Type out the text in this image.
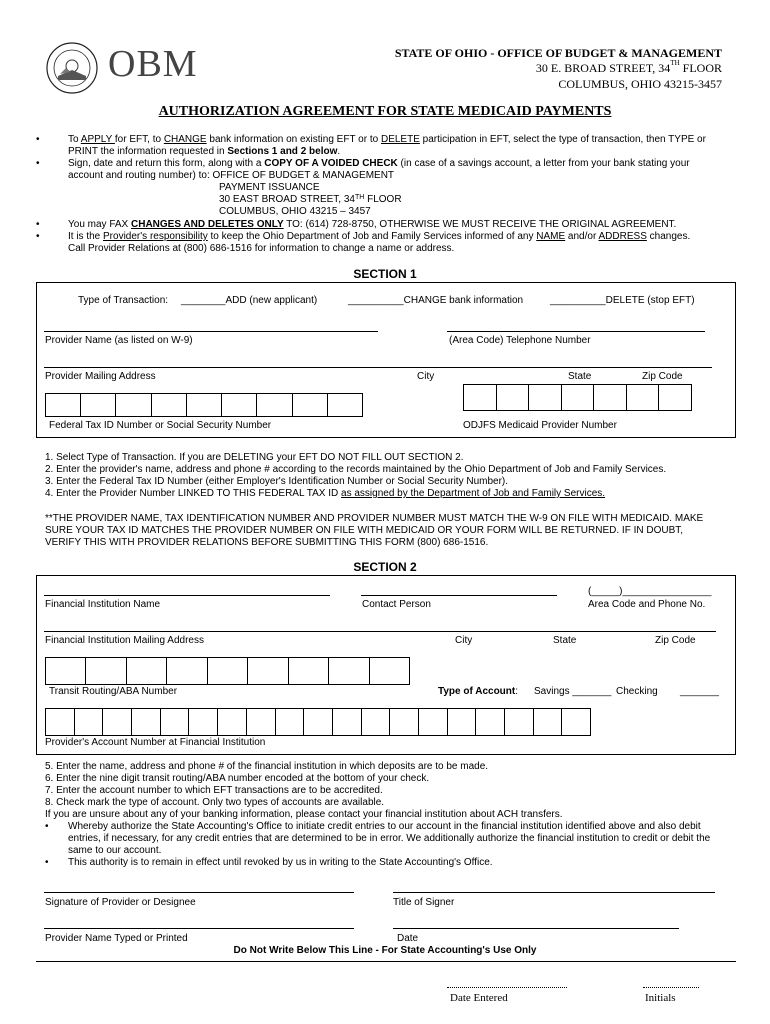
OBM	STATE OF OHIO - OFFICE OF BUDGET & MANAGEMENT
30 E. BROAD STREET, 34TH FLOOR
COLUMBUS, OHIO 43215-3457
AUTHORIZATION AGREEMENT FOR STATE MEDICAID PAYMENTS
•	To APPLY for EFT, to CHANGE bank information on existing EFT or to DELETE participation in EFT, select the type of transaction, then TYPE or
PRINT the information requested in Sections 1 and 2 below.
•	Sign, date and return this form, along with a COPY OF A VOIDED CHECK (in case of a savings account, a letter from your bank stating your
account and routing number) to: OFFICE OF BUDGET & MANAGEMENT
PAYMENT ISSUANCE
30 EAST BROAD STREET, 34TH FLOOR
COLUMBUS, OHIO 43215 – 3457
•	You may FAX CHANGES AND DELETES ONLY TO: (614) 728-8750, OTHERWISE WE MUST RECEIVE THE ORIGINAL AGREEMENT.
•	It is the Provider's responsibility to keep the Ohio Department of Job and Family Services informed of any NAME and/or ADDRESS changes.
Call Provider Relations at (800) 686-1516 for information to change a name or address.
SECTION 1
Type of Transaction: ________ADD (new applicant)	__________CHANGE bank information	__________DELETE (stop EFT)
Provider Name (as listed on W-9)	(Area Code) Telephone Number
Provider Mailing Address	City	State	Zip Code
Federal Tax ID Number or Social Security Number	ODJFS Medicaid Provider Number
1. Select Type of Transaction. If you are DELETING your EFT DO NOT FILL OUT SECTION 2.
2. Enter the provider's name, address and phone # according to the records maintained by the Ohio Department of Job and Family Services.
3. Enter the Federal Tax ID Number (either Employer's Identification Number or Social Security Number).
4. Enter the Provider Number LINKED TO THIS FEDERAL TAX ID as assigned by the Department of Job and Family Services.
**THE PROVIDER NAME, TAX IDENTIFICATION NUMBER AND PROVIDER NUMBER MUST MATCH THE W-9 ON FILE WITH MEDICAID. MAKE
SURE YOUR TAX ID MATCHES THE PROVIDER NUMBER ON FILE WITH MEDICAID OR YOUR FORM WILL BE RETURNED. IF IN DOUBT,
VERIFY THIS WITH PROVIDER RELATIONS BEFORE SUBMITTING THIS FORM (800) 686-1516.
SECTION 2
(_____)________________
Financial Institution Name	Contact Person	Area Code and Phone No.
Financial Institution Mailing Address	City	State	Zip Code
Transit Routing/ABA Number	Type of Account: Savings _______ Checking _______
Provider's Account Number at Financial Institution
5. Enter the name, address and phone # of the financial institution in which deposits are to be made.
6. Enter the nine digit transit routing/ABA number encoded at the bottom of your check.
7. Enter the account number to which EFT transactions are to be accredited.
8. Check mark the type of account. Only two types of accounts are available.
If you are unsure about any of your banking information, please contact your financial institution about ACH transfers.
• Whereby authorize the State Accounting's Office to initiate credit entries to our account in the financial institution identified above and also debit
entries, if necessary, for any credit entries that are determined to be in error. We additionally authorize the financial institution to credit or debit the
same to our account.
• This authority is to remain in effect until revoked by us in writing to the State Accounting's Office.
Signature of Provider or Designee	Title of Signer
Provider Name Typed or Printed	Date
Do Not Write Below This Line - For State Accounting's Use Only
Date Entered	Initials
